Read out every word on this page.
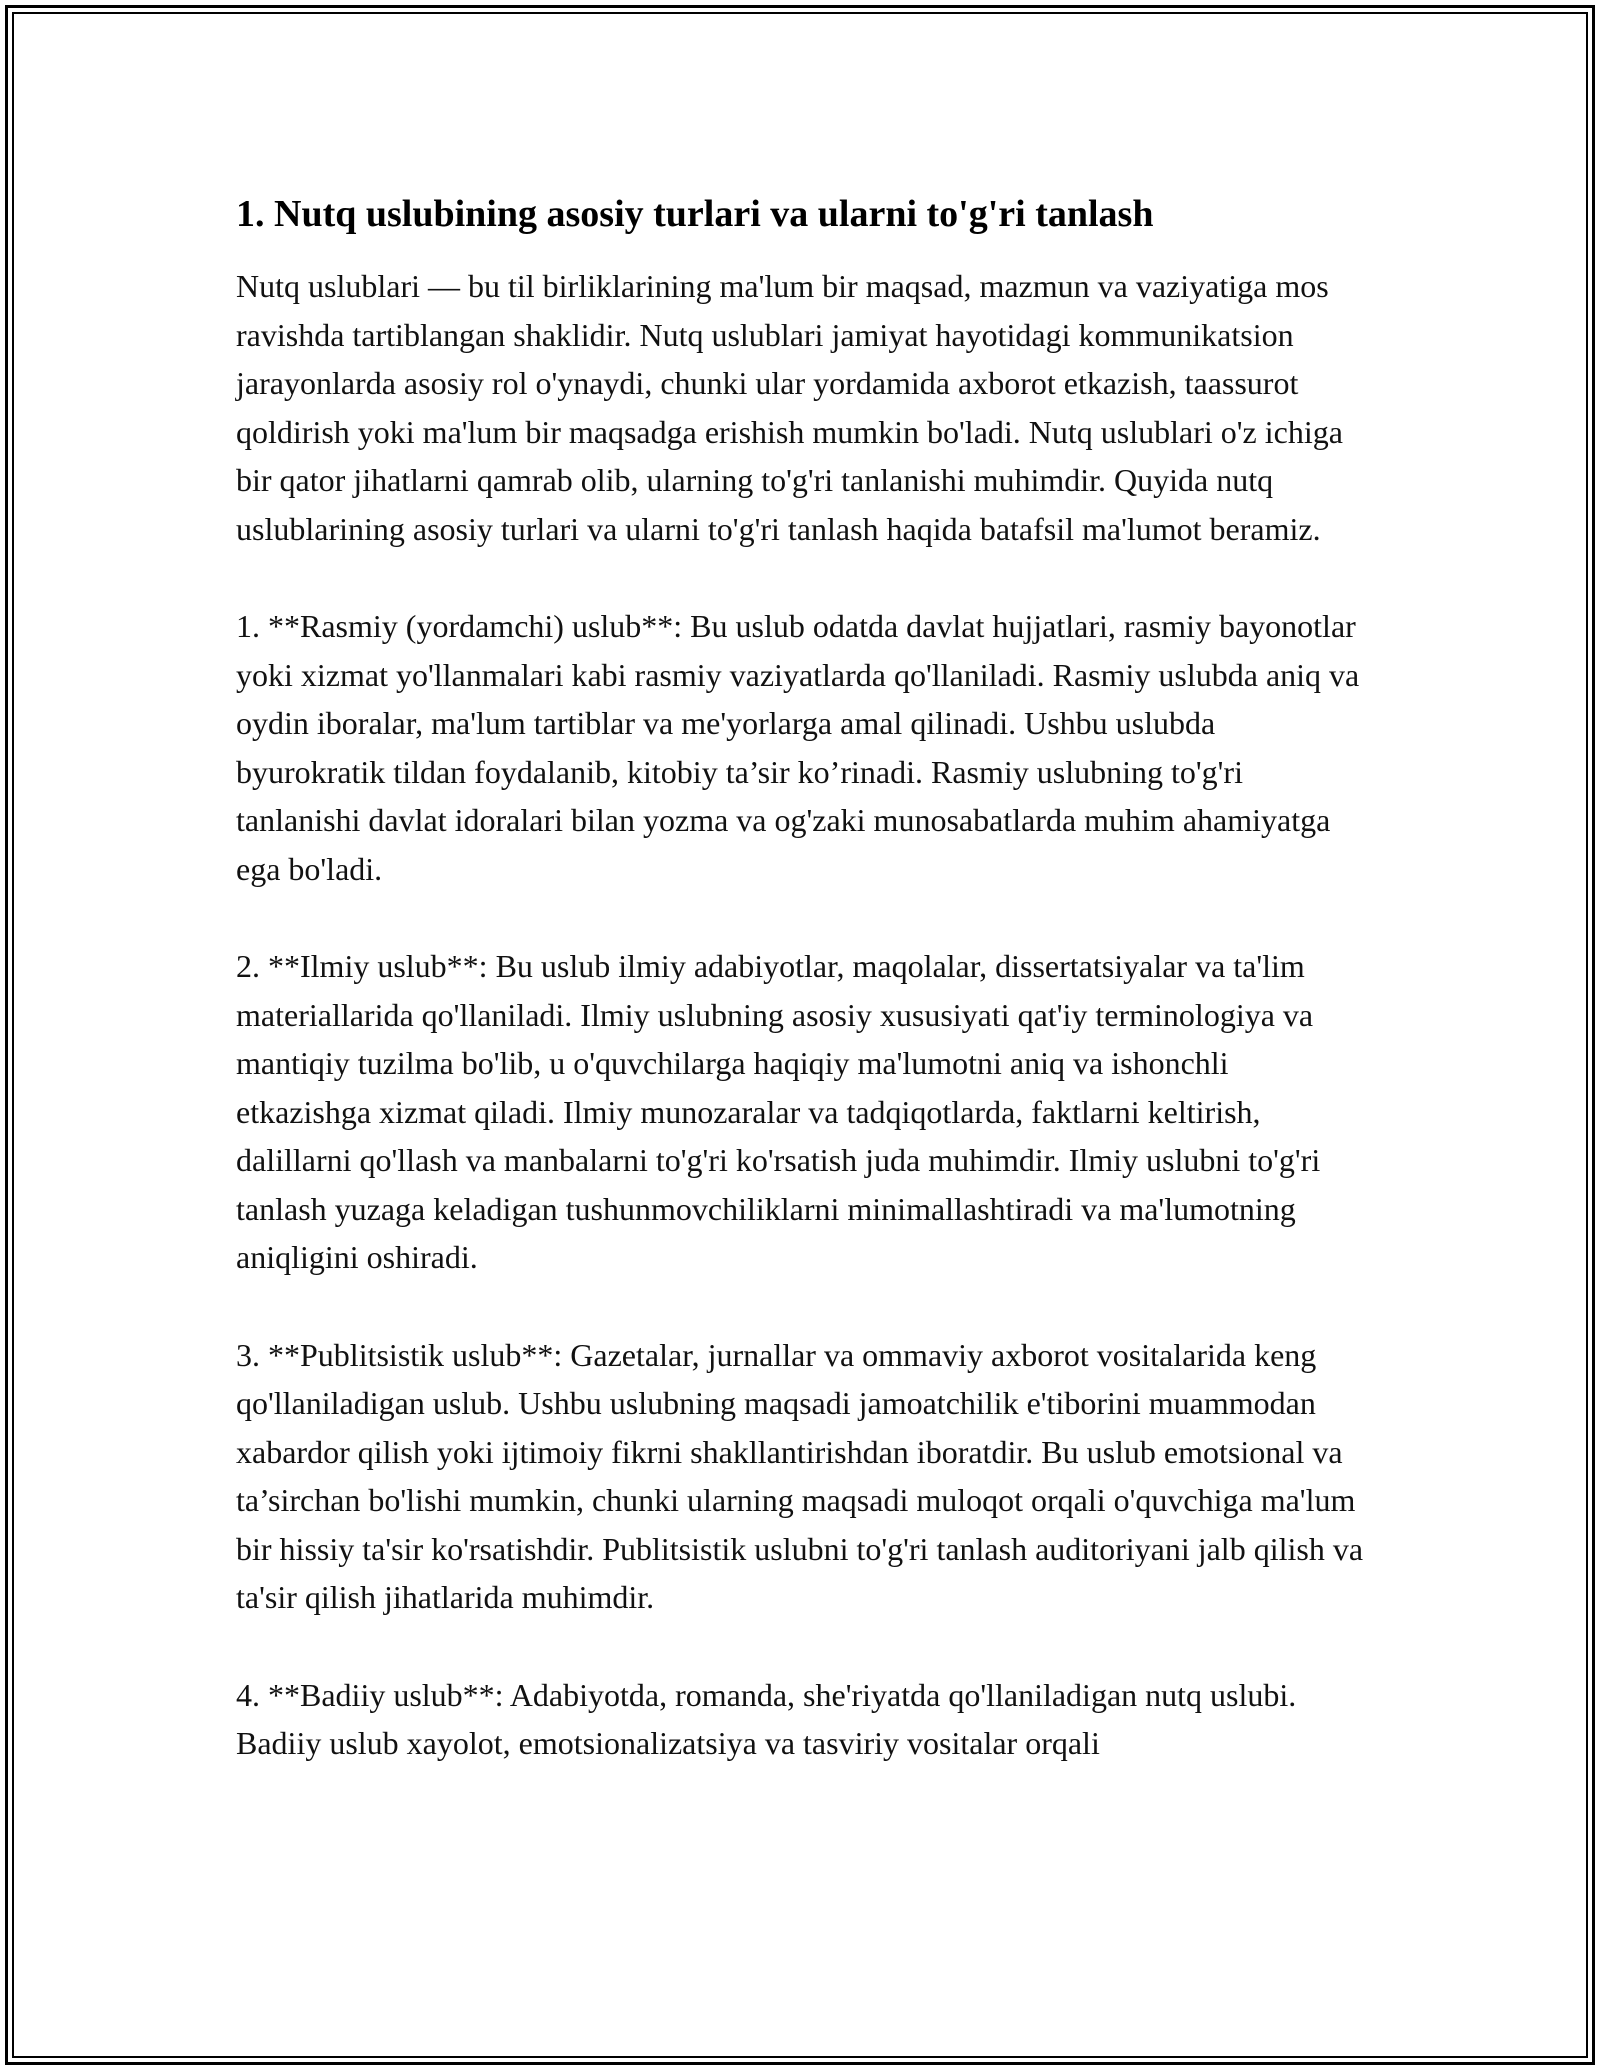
1. Nutq uslubining asosiy turlari va ularni to'g'ri tanlash

Nutq uslublari — bu til birliklarining ma'lum bir maqsad, mazmun va vaziyatiga mos ravishda tartiblangan shaklidir. Nutq uslublari jamiyat hayotidagi kommunikatsion jarayonlarda asosiy rol o'ynaydi, chunki ular yordamida axborot etkazish, taassurot qoldirish yoki ma'lum bir maqsadga erishish mumkin bo'ladi. Nutq uslublari o'z ichiga bir qator jihatlarni qamrab olib, ularning to'g'ri tanlanishi muhimdir. Quyida nutq uslublarining asosiy turlari va ularni to'g'ri tanlash haqida batafsil ma'lumot beramiz.

1. **Rasmiy (yordamchi) uslub**: Bu uslub odatda davlat hujjatlari, rasmiy bayonotlar yoki xizmat yo'llanmalari kabi rasmiy vaziyatlarda qo'llaniladi. Rasmiy uslubda aniq va oydin iboralar, ma'lum tartiblar va me'yorlarga amal qilinadi. Ushbu uslubda byurokratik tildan foydalanib, kitobiy ta’sir ko’rinadi. Rasmiy uslubning to'g'ri tanlanishi davlat idoralari bilan yozma va og'zaki munosabatlarda muhim ahamiyatga ega bo'ladi.

2. **Ilmiy uslub**: Bu uslub ilmiy adabiyotlar, maqolalar, dissertatsiyalar va ta'lim materiallarida qo'llaniladi. Ilmiy uslubning asosiy xususiyati qat'iy terminologiya va mantiqiy tuzilma bo'lib, u o'quvchilarga haqiqiy ma'lumotni aniq va ishonchli etkazishga xizmat qiladi. Ilmiy munozaralar va tadqiqotlarda, faktlarni keltirish, dalillarni qo'llash va manbalarni to'g'ri ko'rsatish juda muhimdir. Ilmiy uslubni to'g'ri tanlash yuzaga keladigan tushunmovchiliklarni minimallashtiradi va ma'lumotning aniqligini oshiradi.

3. **Publitsistik uslub**: Gazetalar, jurnallar va ommaviy axborot vositalarida keng qo'llaniladigan uslub. Ushbu uslubning maqsadi jamoatchilik e'tiborini muammodan xabardor qilish yoki ijtimoiy fikrni shakllantirishdan iboratdir. Bu uslub emotsional va ta’sirchan bo'lishi mumkin, chunki ularning maqsadi muloqot orqali o'quvchiga ma'lum bir hissiy ta'sir ko'rsatishdir. Publitsistik uslubni to'g'ri tanlash auditoriyani jalb qilish va ta'sir qilish jihatlarida muhimdir.

4. **Badiiy uslub**: Adabiyotda, romanda, she'riyatda qo'llaniladigan nutq uslubi. Badiiy uslub xayolot, emotsionalizatsiya va tasviriy vositalar orqali
